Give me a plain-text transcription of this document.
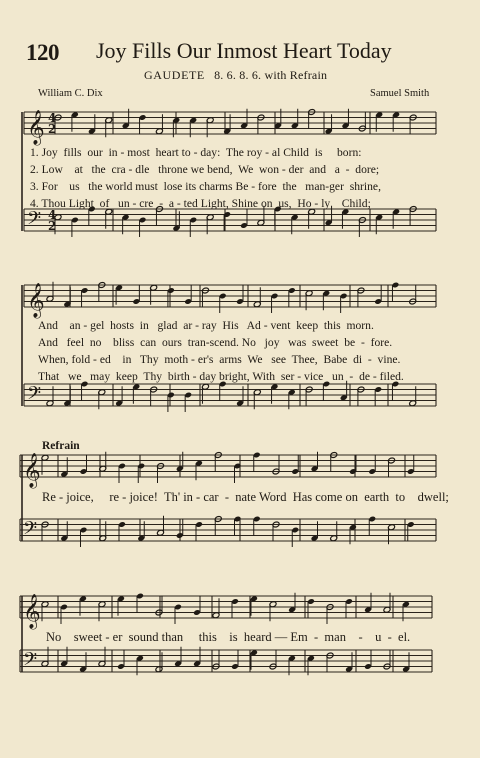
120 Joy Fills Our Inmost Heart Today
GAUDETE 8. 6. 8. 6. with Refrain
William C. Dix	Samuel Smith
𝄞 4
2
𝄢 4
2
𝄞
𝄢
𝄞
𝄢
𝄞
𝄢
1. Joy  fills  our  in - most  heart to - day:  The roy - al Child  is     born:
2. Low    at   the  cra - dle   throne we bend,  We  won - der  and   a  -  dore;
3. For    us   the world must  lose its charms Be - fore  the   man-ger  shrine,
4. Thou Light  of   un - cre  -  a - ted Light, Shine on  us,  Ho - ly    Child;
And    an - gel  hosts  in   glad  ar - ray  His   Ad - vent  keep  this  morn.
And   feel  no    bliss  can  ours  tran-scend. No   joy   was  sweet  be  -  fore.
When, fold - ed    in   Thy  moth - er's  arms  We   see  Thee,  Babe  di  -  vine.
That   we   may  keep  Thy  birth - day bright, With  ser - vice   un  -  de - filed.
Refrain
Re - joice,     re - joice!  Th' in - car  -  nate Word  Has come on  earth  to    dwell;
No    sweet - er  sound than     this    is  heard — Em  -  man    -    u  -  el.
